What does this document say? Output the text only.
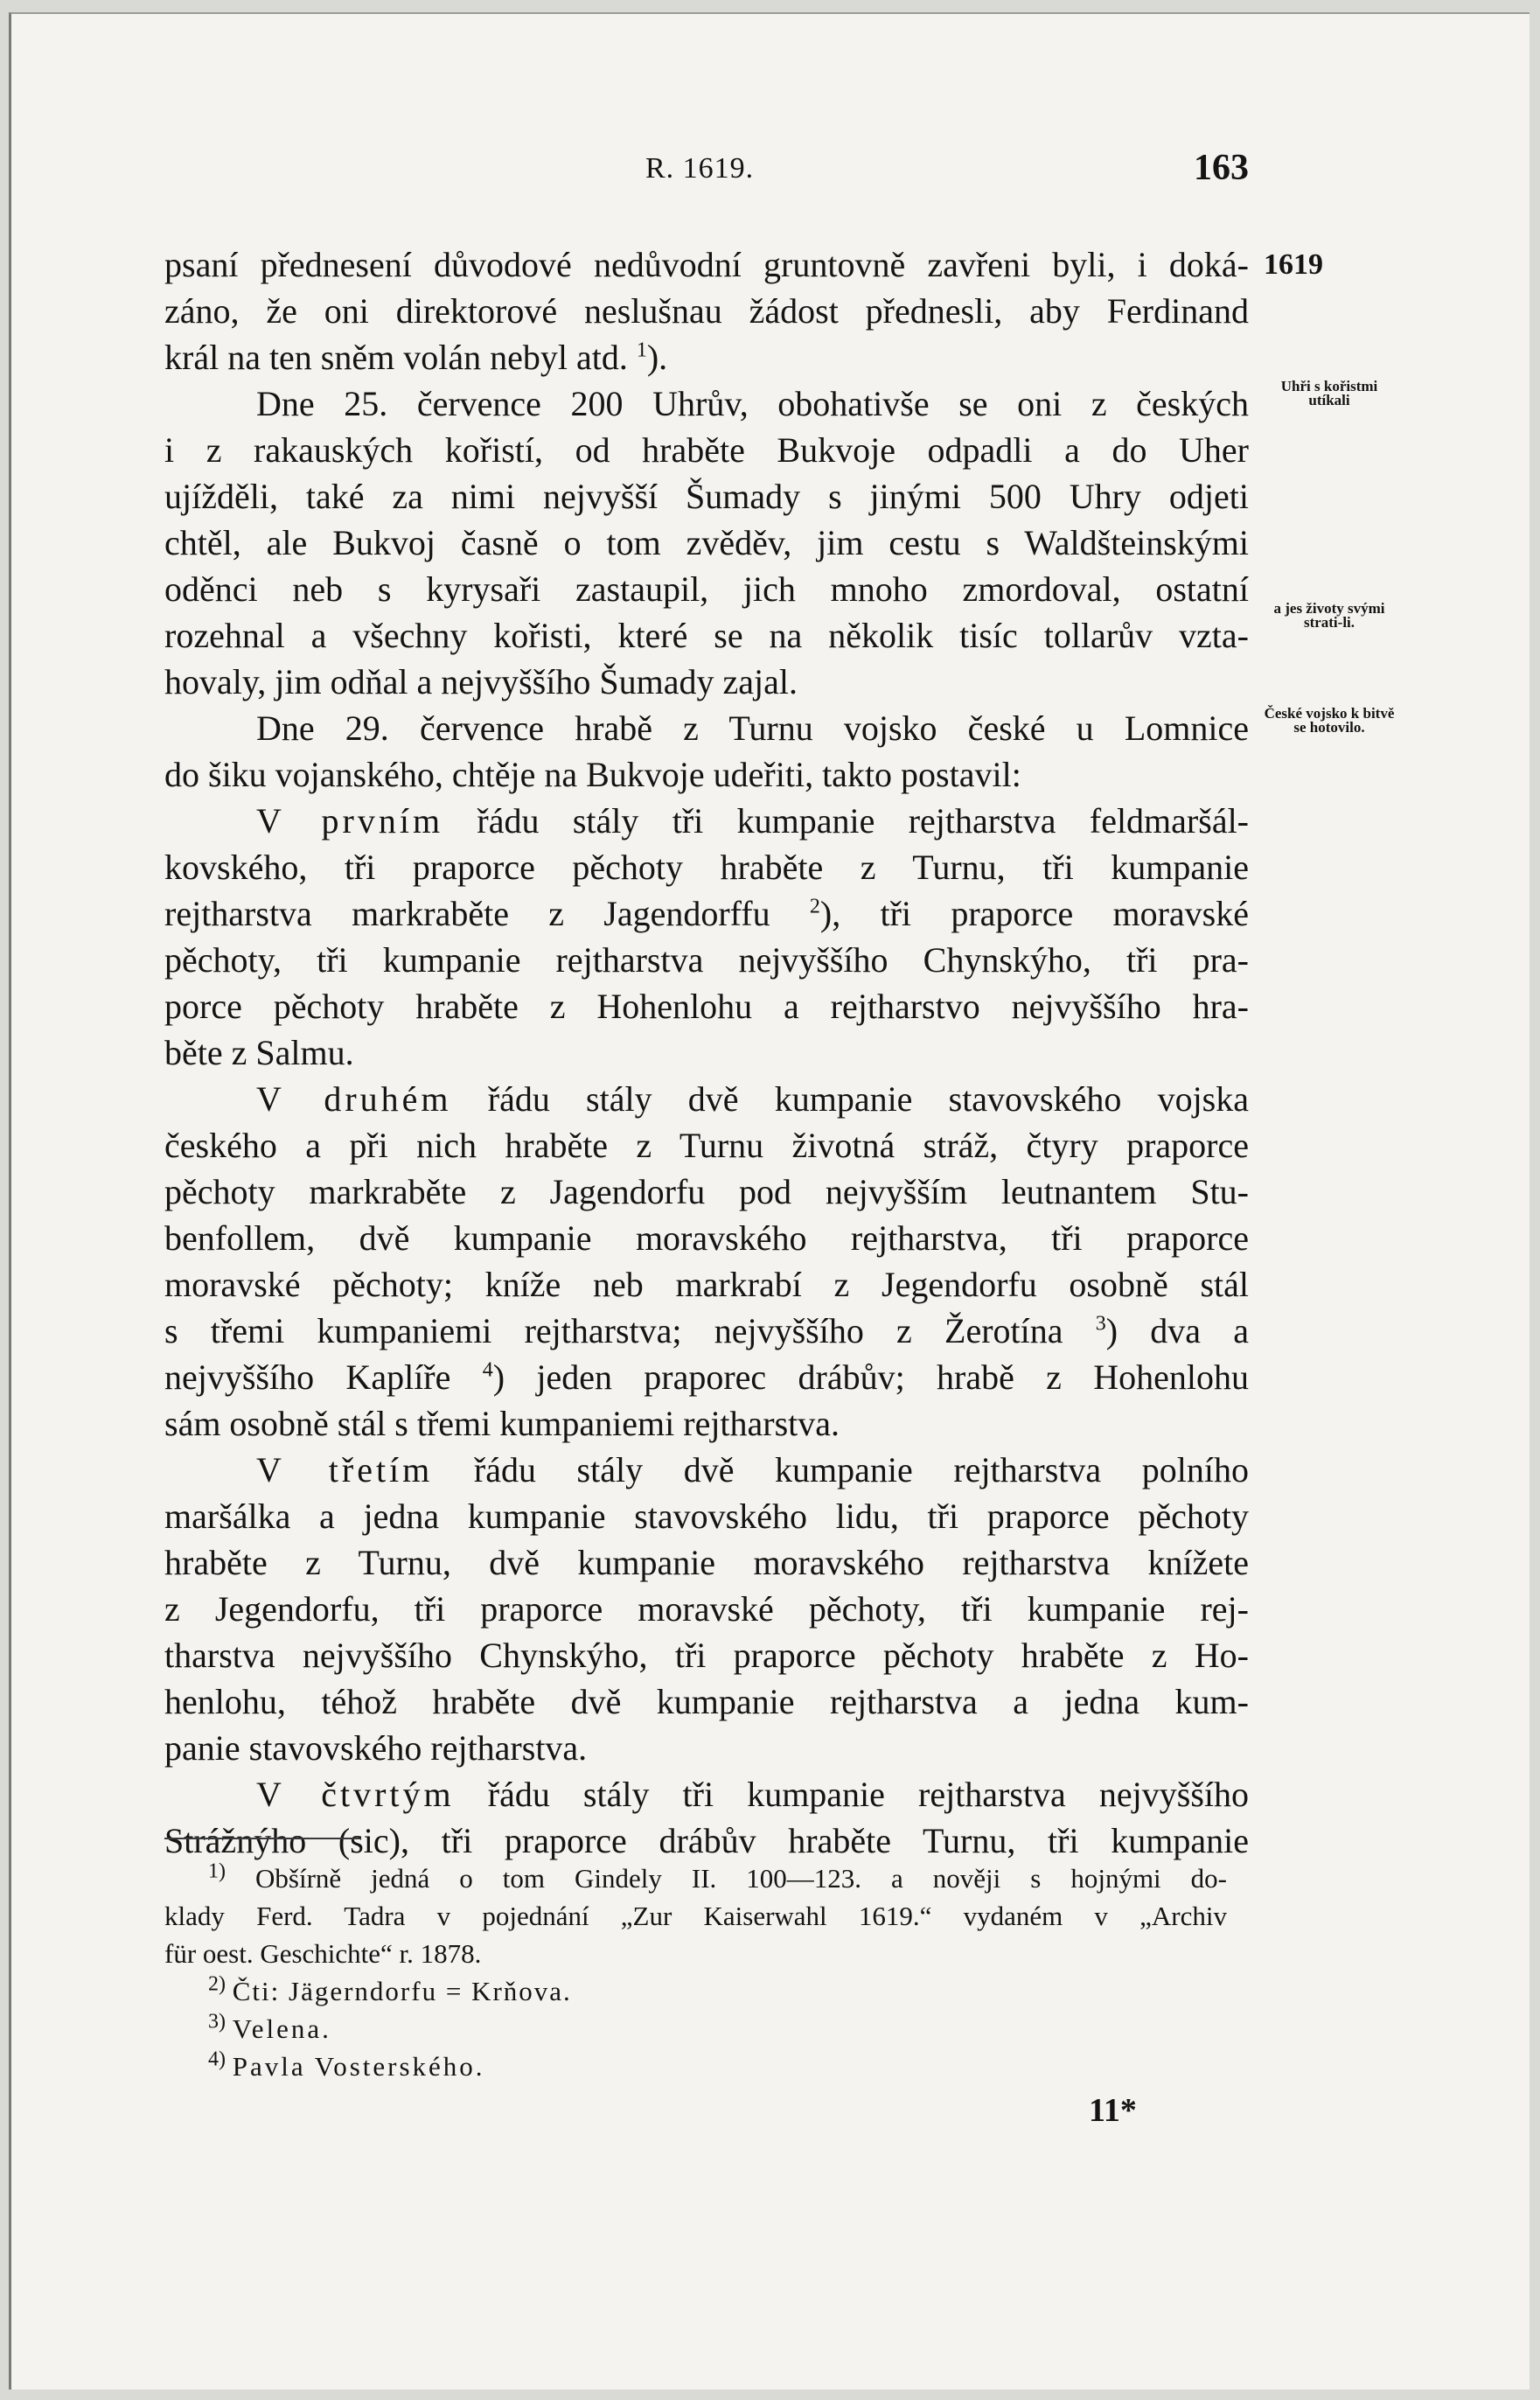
R. 1619.	163
psaní přednesení důvodové nedůvodní gruntovně zavřeni byli, i doká-
záno, že oni direktorové neslušnau žádost přednesli, aby Ferdinand
král na ten sněm volán nebyl atd. $^1$).
Dne 25. července 200 Uhrův, obohativše se oni z českých
i z rakauských kořistí, od hraběte Bukvoje odpadli a do Uher
ujížděli, také za nimi nejvyšší Šumady s jinými 500 Uhry odjeti
chtěl, ale Bukvoj časně o tom zvěděv, jim cestu s Waldšteinskými
oděnci neb s kyrysaři zastaupil, jich mnoho zmordoval, ostatní
rozehnal a všechny kořisti, které se na několik tisíc tollarův vzta-
hovaly, jim odňal a nejvyššího Šumady zajal.
Dne 29. července hrabě z Turnu vojsko české u Lomnice
do šiku vojanského, chtěje na Bukvoje udeřiti, takto postavil:
V prvním řádu stály tři kumpanie rejtharstva feldmaršál-
kovského, tři praporce pěchoty hraběte z Turnu, tři kumpanie
rejtharstva markraběte z Jagendorffu $^2$), tři praporce moravské
pěchoty, tři kumpanie rejtharstva nejvyššího Chynskýho, tři pra-
porce pěchoty hraběte z Hohenlohu a rejtharstvo nejvyššího hra-
běte z Salmu.
V druhém řádu stály dvě kumpanie stavovského vojska
českého a při nich hraběte z Turnu životná stráž, čtyry praporce
pěchoty markraběte z Jagendorfu pod nejvyšším leutnantem Stu-
benfollem, dvě kumpanie moravského rejtharstva, tři praporce
moravské pěchoty; kníže neb markrabí z Jegendorfu osobně stál
s třemi kumpaniemi rejtharstva; nejvyššího z Žerotína $^3$) dva a
nejvyššího Kaplíře $^4$) jeden praporec drábův; hrabě z Hohenlohu
sám osobně stál s třemi kumpaniemi rejtharstva.
V třetím řádu stály dvě kumpanie rejtharstva polního
maršálka a jedna kumpanie stavovského lidu, tři praporce pěchoty
hraběte z Turnu, dvě kumpanie moravského rejtharstva knížete
z Jegendorfu, tři praporce moravské pěchoty, tři kumpanie rej-
tharstva nejvyššího Chynskýho, tři praporce pěchoty hraběte z Ho-
henlohu, téhož hraběte dvě kumpanie rejtharstva a jedna kum-
panie stavovského rejtharstva.
V čtvrtým řádu stály tři kumpanie rejtharstva nejvyššího
Strážnýho (sic), tři praporce drábův hraběte Turnu, tři kumpanie
1619
Uhři s kořistmi utíkali
a jes životy svými strati-li.
České vojsko k bitvě se hotovilo.
$^{1)}$ Obšírně jedná o tom Gindely II. 100—123. a nověji s hojnými do-
klady Ferd. Tadra v pojednání „Zur Kaiserwahl 1619.“ vydaném v „Archiv
für oest. Geschichte“ r. 1878.
$^{2)}$ Čti: Jägerndorfu = Krňova.
$^{3)}$ Velena.
$^{4)}$ Pavla Vosterského.
11*
